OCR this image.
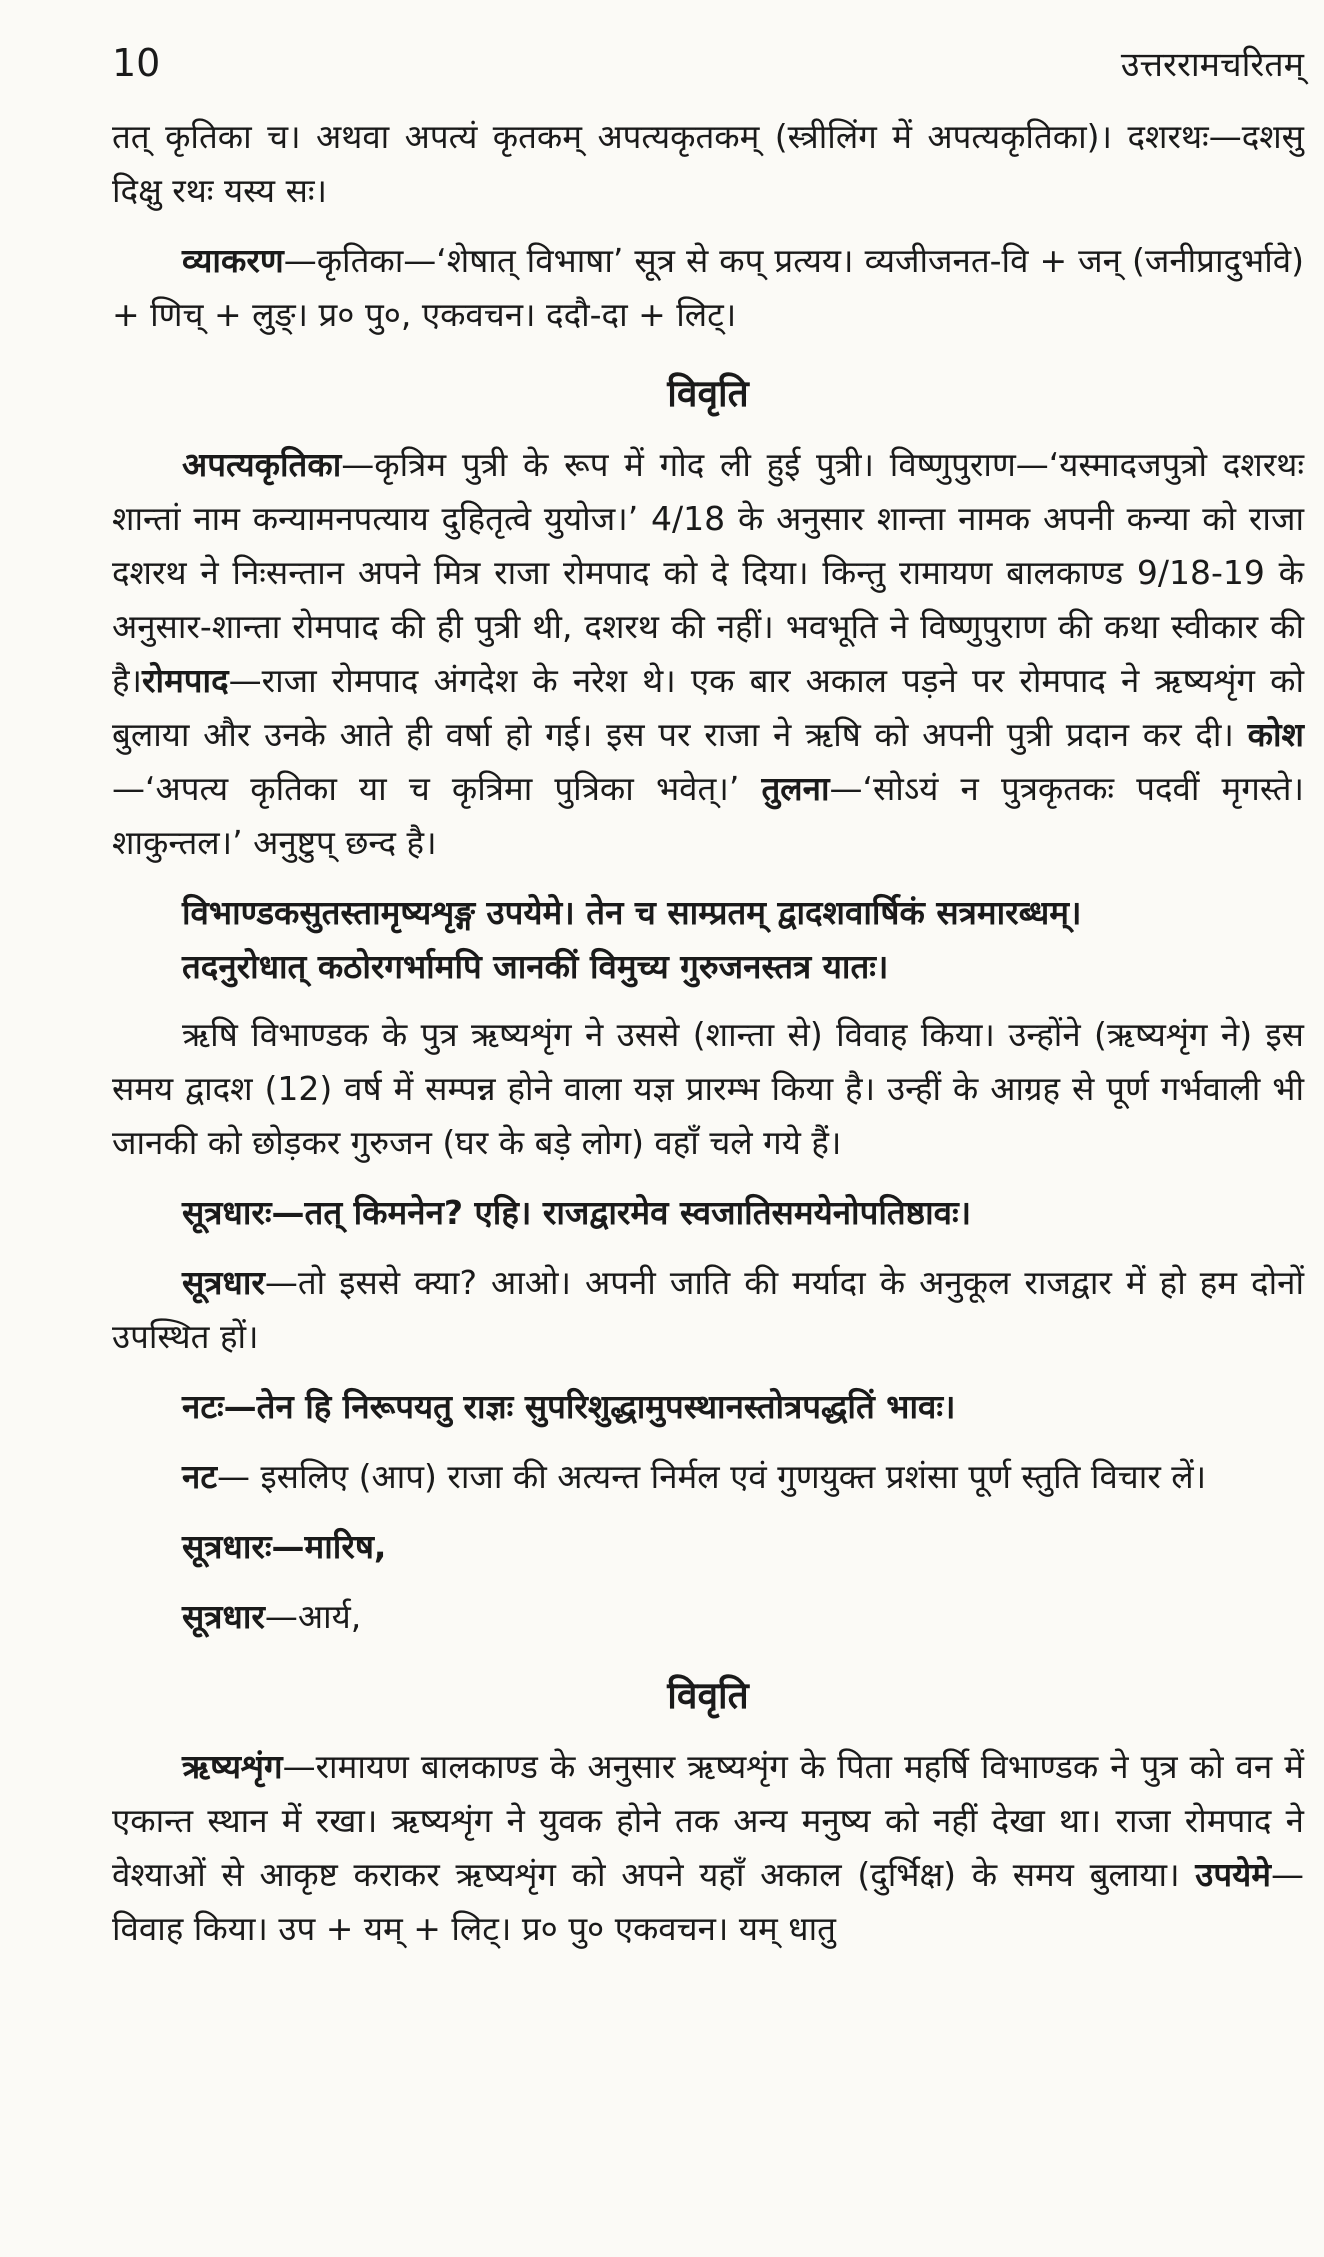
10	उत्तररामचरितम्

तत् कृतिका च। अथवा अपत्यं कृतकम् अपत्यकृतकम् (स्त्रीलिंग में अपत्यकृतिका)। दशरथः—दशसु दिक्षु रथः यस्य सः।

व्याकरण—कृतिका—‘शेषात् विभाषा’ सूत्र से कप् प्रत्यय। व्यजीजनत-वि + जन् (जनीप्रादुर्भावे) + णिच् + लुङ्। प्र० पु०, एकवचन। ददौ-दा + लिट्।

विवृति

अपत्यकृतिका—कृत्रिम पुत्री के रूप में गोद ली हुई पुत्री। विष्णुपुराण—‘यस्मादजपुत्रो दशरथः शान्तां नाम कन्यामनपत्याय दुहितृत्वे युयोज।’ 4/18 के अनुसार शान्ता नामक अपनी कन्या को राजा दशरथ ने निःसन्तान अपने मित्र राजा रोमपाद को दे दिया। किन्तु रामायण बालकाण्ड 9/18-19 के अनुसार-शान्ता रोमपाद की ही पुत्री थी, दशरथ की नहीं। भवभूति ने विष्णुपुराण की कथा स्वीकार की है।रोमपाद—राजा रोमपाद अंगदेश के नरेश थे। एक बार अकाल पड़ने पर रोमपाद ने ऋष्यशृंग को बुलाया और उनके आते ही वर्षा हो गई। इस पर राजा ने ऋषि को अपनी पुत्री प्रदान कर दी। कोश—‘अपत्य कृतिका या च कृत्रिमा पुत्रिका भवेत्।’ तुलना—‘सोऽयं न पुत्रकृतकः पदवीं मृगस्ते। शाकुन्तल।’ अनुष्टुप् छन्द है।

विभाण्डकसुतस्तामृष्यशृङ्ग उपयेमे। तेन च साम्प्रतम् द्वादशवार्षिकं सत्रमारब्धम्।

तदनुरोधात् कठोरगर्भामपि जानकीं विमुच्य गुरुजनस्तत्र यातः।

ऋषि विभाण्डक के पुत्र ऋष्यशृंग ने उससे (शान्ता से) विवाह किया। उन्होंने (ऋष्यशृंग ने) इस समय द्वादश (12) वर्ष में सम्पन्न होने वाला यज्ञ प्रारम्भ किया है। उन्हीं के आग्रह से पूर्ण गर्भवाली भी जानकी को छोड़कर गुरुजन (घर के बड़े लोग) वहाँ चले गये हैं।

सूत्रधारः—तत् किमनेन? एहि। राजद्वारमेव स्वजातिसमयेनोपतिष्ठावः।

सूत्रधार—तो इससे क्या? आओ। अपनी जाति की मर्यादा के अनुकूल राजद्वार में हो हम दोनों उपस्थित हों।

नटः—तेन हि निरूपयतु राज्ञः सुपरिशुद्धामुपस्थानस्तोत्रपद्धतिं भावः।

नट— इसलिए (आप) राजा की अत्यन्त निर्मल एवं गुणयुक्त प्रशंसा पूर्ण स्तुति विचार लें।

सूत्रधारः—मारिष,

सूत्रधार—आर्य,

विवृति

ऋष्यशृंग—रामायण बालकाण्ड के अनुसार ऋष्यशृंग के पिता महर्षि विभाण्डक ने पुत्र को वन में एकान्त स्थान में रखा। ऋष्यशृंग ने युवक होने तक अन्य मनुष्य को नहीं देखा था। राजा रोमपाद ने वेश्याओं से आकृष्ट कराकर ऋष्यशृंग को अपने यहाँ अकाल (दुर्भिक्ष) के समय बुलाया। उपयेमे—विवाह किया। उप + यम् + लिट्। प्र० पु० एकवचन। यम् धातु
